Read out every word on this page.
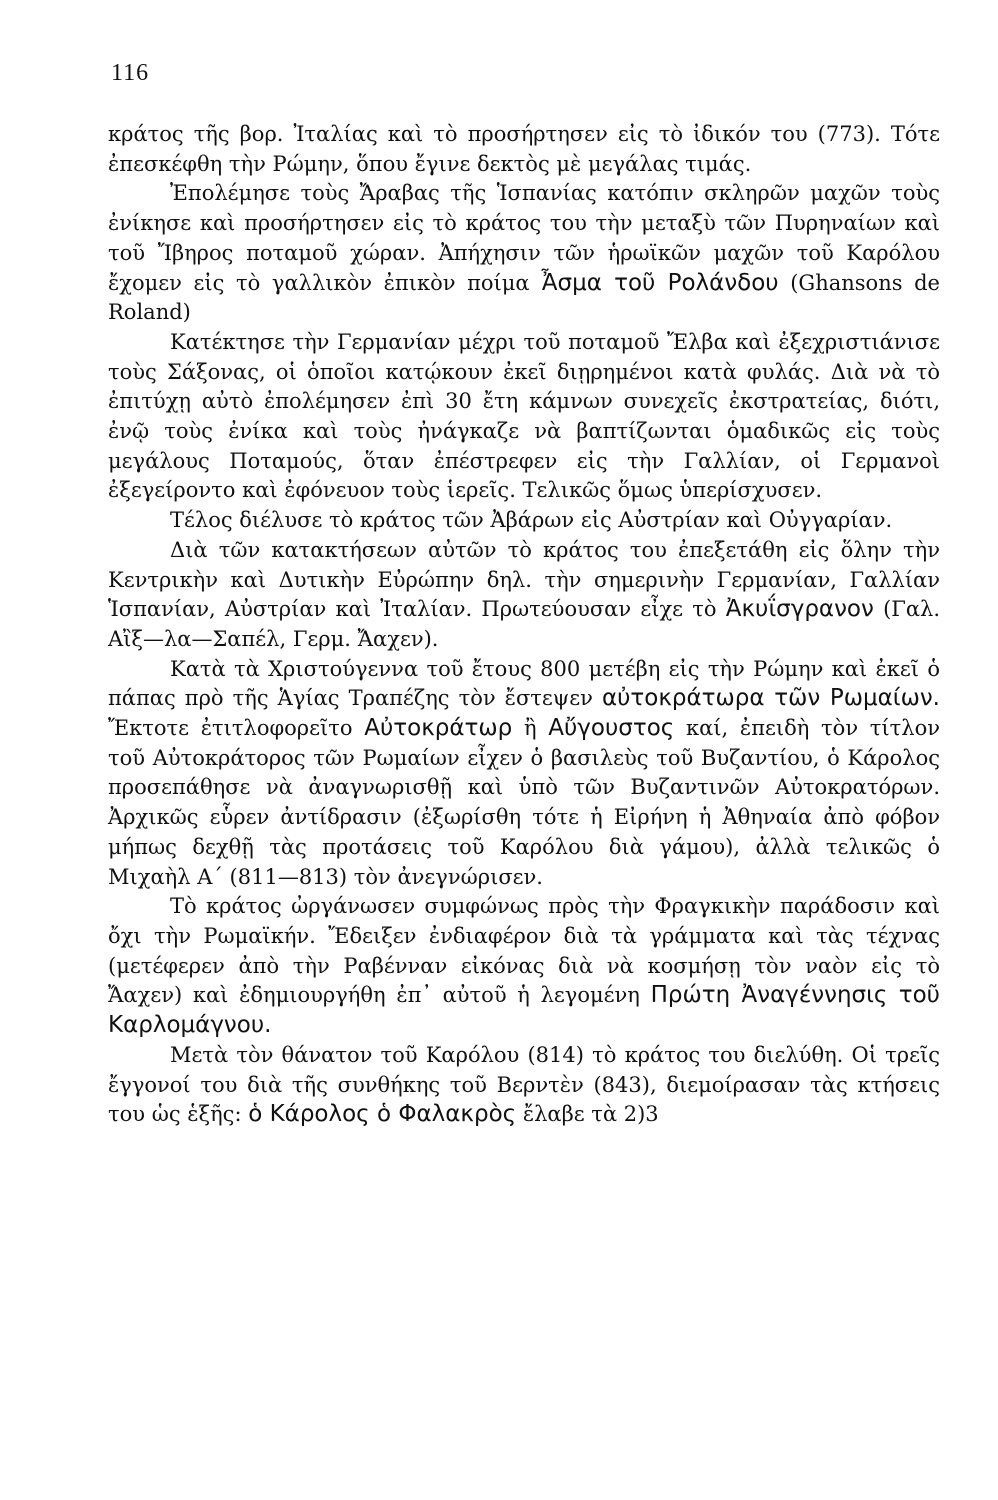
116

κράτος τῆς βορ. Ἰταλίας καὶ τὸ προσήρτησεν εἰς τὸ ἰδικόν του (773). Τότε ἐπεσκέφθη τὴν Ρώμην, ὅπου ἔγινε δεκτὸς μὲ μεγάλας τιμάς.

Ἐπολέμησε τοὺς Ἄραβας τῆς Ἱσπανίας κατόπιν σκληρῶν μαχῶν τοὺς ἐνίκησε καὶ προσήρτησεν εἰς τὸ κράτος του τὴν μεταξὺ τῶν Πυρηναίων καὶ τοῦ Ἴβηρος ποταμοῦ χώραν. Ἀπήχησιν τῶν ἡρωϊκῶν μαχῶν τοῦ Καρόλου ἔχομεν εἰς τὸ γαλλικὸν ἐπικὸν ποίμα Ἆσμα τοῦ Ρολάνδου (Ghansons de Roland)

Κατέκτησε τὴν Γερμανίαν μέχρι τοῦ ποταμοῦ Ἔλβα καὶ ἐξεχριστιάνισε τοὺς Σάξονας, οἱ ὁποῖοι κατῴκουν ἐκεῖ διῃρημένοι κατὰ φυλάς. Διὰ νὰ τὸ ἐπιτύχῃ αὐτὸ ἐπολέμησεν ἐπὶ 30 ἔτη κάμνων συνεχεῖς ἐκστρατείας, διότι, ἐνῷ τοὺς ἐνίκα καὶ τοὺς ἠνάγκαζε νὰ βαπτίζωνται ὁμαδικῶς εἰς τοὺς μεγάλους Ποταμούς, ὅταν ἐπέστρεφεν εἰς τὴν Γαλλίαν, οἱ Γερμανοὶ ἐξεγείροντο καὶ ἐφόνευον τοὺς ἱερεῖς. Τελικῶς ὅμως ὑπερίσχυσεν.

Τέλος διέλυσε τὸ κράτος τῶν Ἀβάρων εἰς Αὐστρίαν καὶ Οὐγγαρίαν.

Διὰ τῶν κατακτήσεων αὐτῶν τὸ κράτος του ἐπεξετάθη εἰς ὅλην τὴν Κεντρικὴν καὶ Δυτικὴν Εὐρώπην δηλ. τὴν σημερινὴν Γερμανίαν, Γαλλίαν Ἱσπανίαν, Αὐστρίαν καὶ Ἰταλίαν. Πρωτεύουσαν εἶχε τὸ Ἀκυΐσγρανον (Γαλ. Αἲξ—λα—Σαπέλ, Γερμ. Ἄαχεν).

Κατὰ τὰ Χριστούγεννα τοῦ ἔτους 800 μετέβη εἰς τὴν Ρώμην καὶ ἐκεῖ ὁ πάπας πρὸ τῆς Ἁγίας Τραπέζης τὸν ἔστεψεν αὐτοκράτωρα τῶν Ρωμαίων. Ἔκτοτε ἐτιτλοφορεῖτο Αὐτοκράτωρ ἢ Αὔγουστος καί, ἐπειδὴ τὸν τίτλον τοῦ Αὐτοκράτορος τῶν Ρωμαίων εἶχεν ὁ βασιλεὺς τοῦ Βυζαντίου, ὁ Κάρολος προσεπάθησε νὰ ἀναγνωρισθῇ καὶ ὑπὸ τῶν Βυζαντινῶν Αὐτοκρατόρων. Ἀρχικῶς εὗρεν ἀντίδρασιν (ἐξωρίσθη τότε ἡ Εἰρήνη ἡ Ἀθηναία ἀπὸ φόβον μήπως δεχθῇ τὰς προτάσεις τοῦ Καρόλου διὰ γάμου), ἀλλὰ τελικῶς ὁ Μιχαὴλ Α΄ (811—813) τὸν ἀνεγνώρισεν.

Τὸ κράτος ὠργάνωσεν συμφώνως πρὸς τὴν Φραγκικὴν παράδοσιν καὶ ὄχι τὴν Ρωμαϊκήν. Ἔδειξεν ἐνδιαφέρον διὰ τὰ γράμματα καὶ τὰς τέχνας (μετέφερεν ἀπὸ τὴν Ραβένναν εἰκόνας διὰ νὰ κοσμήσῃ τὸν ναὸν εἰς τὸ Ἄαχεν) καὶ ἐδημιουργήθη ἐπ᾿ αὐτοῦ ἡ λεγομένη Πρώτη Ἀναγέννησις τοῦ Καρλομάγνου.

Μετὰ τὸν θάνατον τοῦ Καρόλου (814) τὸ κράτος του διελύθη. Οἱ τρεῖς ἔγγονοί του διὰ τῆς συνθήκης τοῦ Βερντὲν (843), διεμοίρασαν τὰς κτήσεις του ὡς ἑξῆς: ὁ Κάρολος ὁ Φαλακρὸς ἔλαβε τὰ 2)3
